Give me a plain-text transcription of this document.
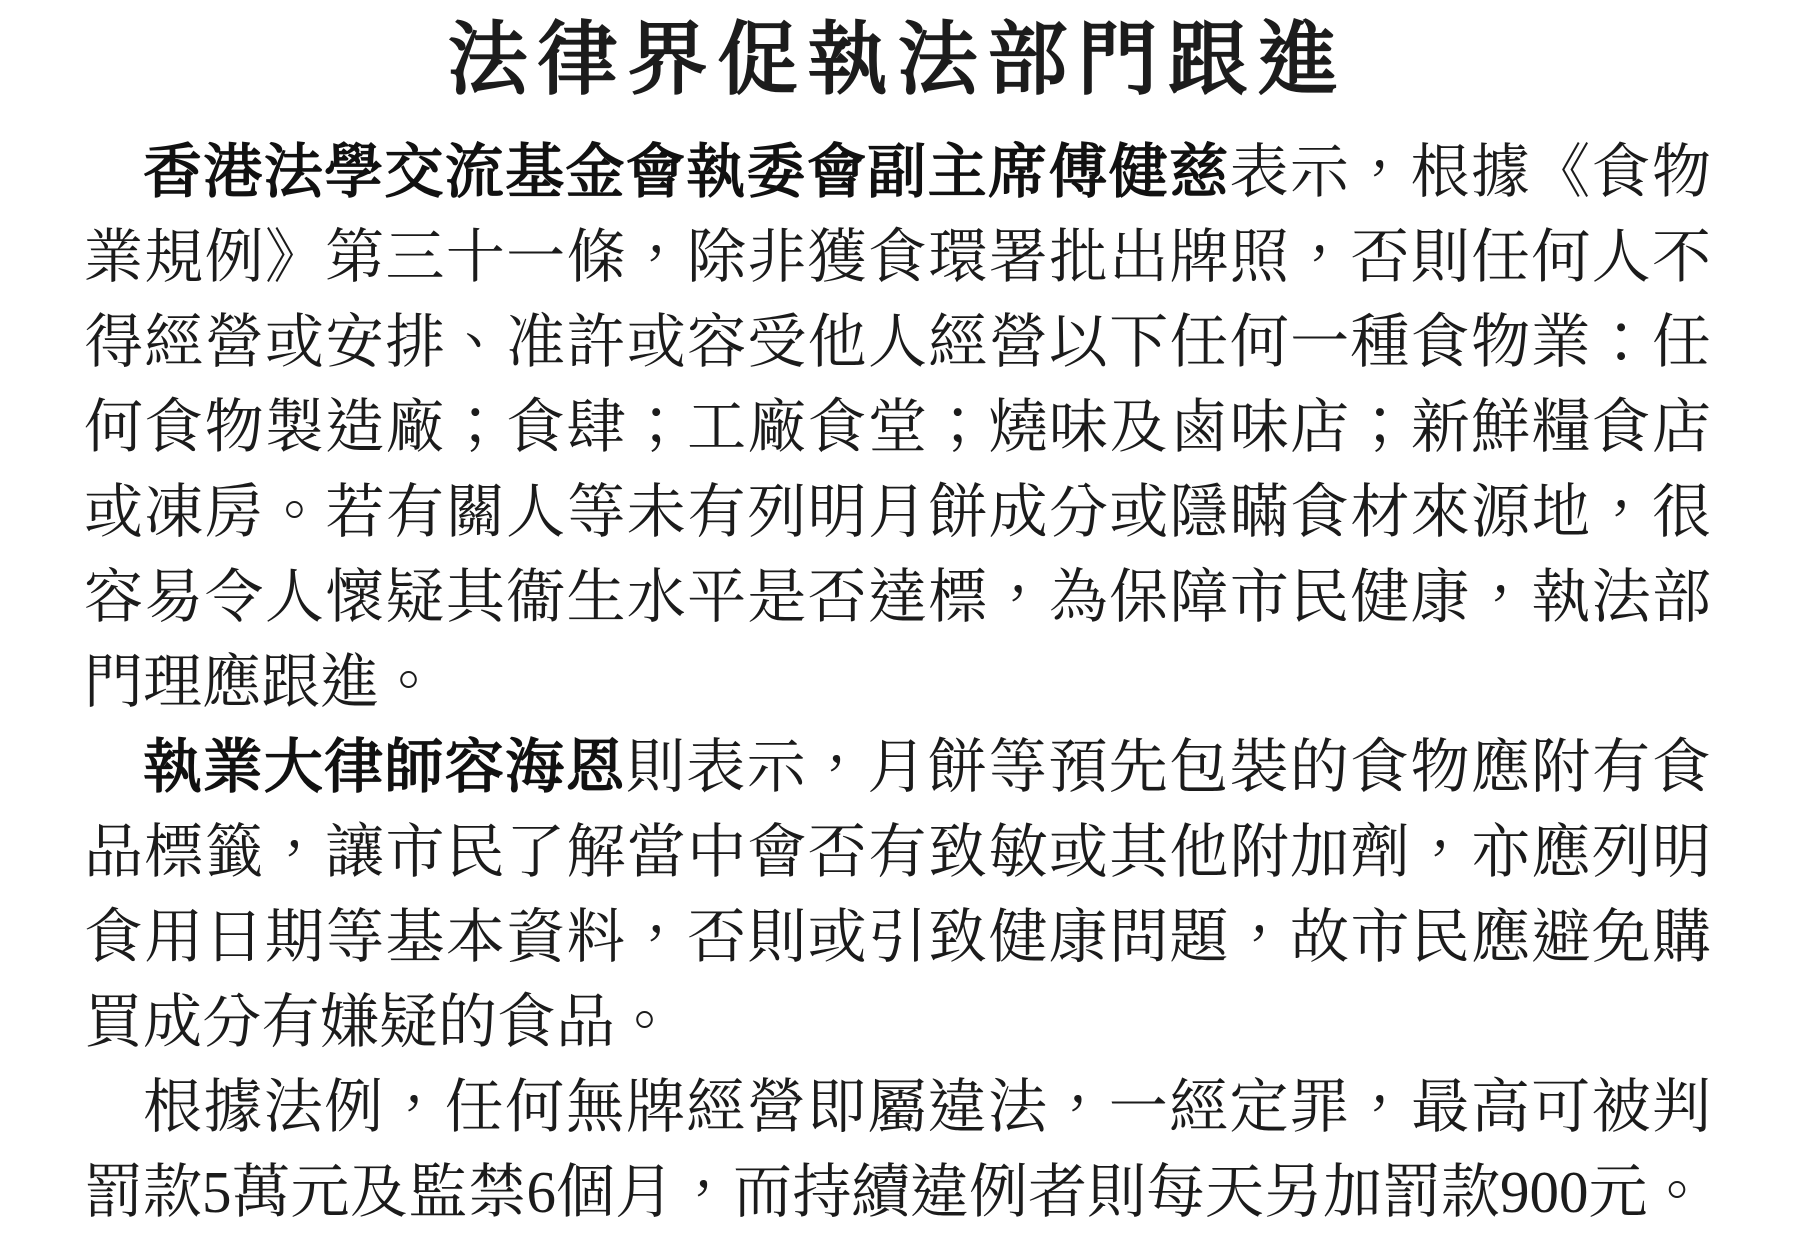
法律界促執法部門跟進

香港法學交流基金會執委會副主席傅健慈表示，根據《食物業規例》第三十一條，除非獲食環署批出牌照，否則任何人不得經營或安排、准許或容受他人經營以下任何一種食物業：任何食物製造廠；食肆；工廠食堂；燒味及鹵味店；新鮮糧食店或凍房。若有關人等未有列明月餅成分或隱瞞食材來源地，很容易令人懷疑其衞生水平是否達標，為保障市民健康，執法部門理應跟進。

執業大律師容海恩則表示，月餅等預先包裝的食物應附有食品標籤，讓市民了解當中會否有致敏或其他附加劑，亦應列明食用日期等基本資料，否則或引致健康問題，故市民應避免購買成分有嫌疑的食品。

根據法例，任何無牌經營即屬違法，一經定罪，最高可被判罰款5萬元及監禁6個月，而持續違例者則每天另加罰款900元。
